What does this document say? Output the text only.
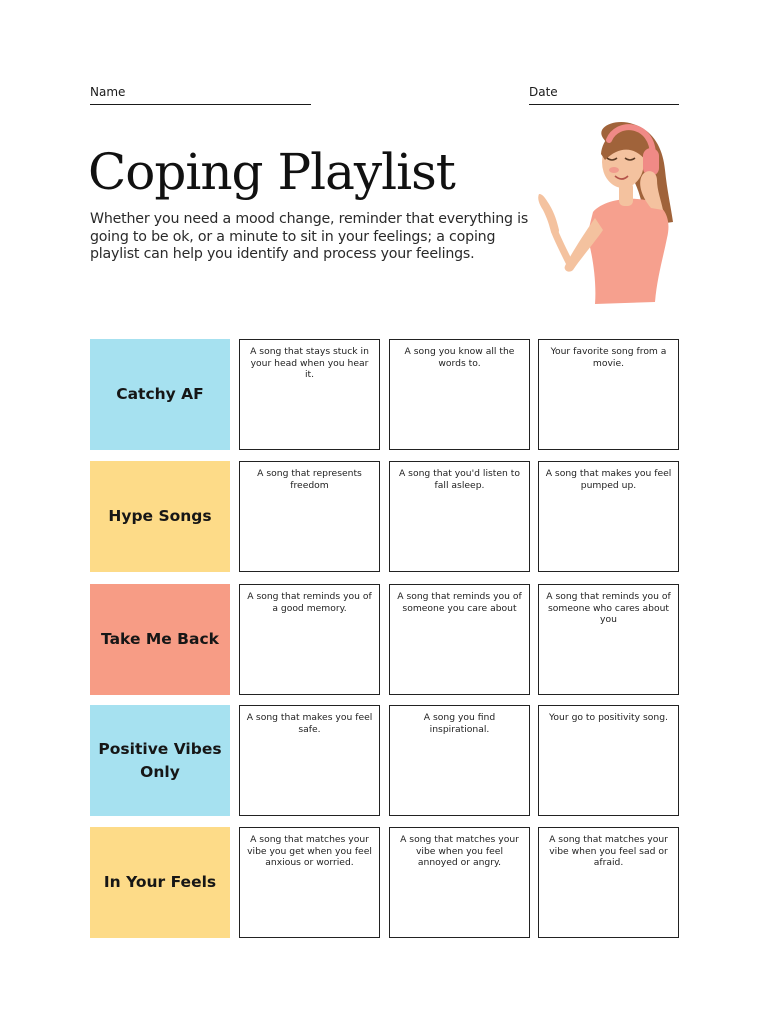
Name	Date
Coping Playlist

Whether you need a mood change, reminder that everything is going to be ok, or a minute to sit in your feelings; a coping playlist can help you identify and process your feelings.

Catchy AF
A song that stays stuck in your head when you hear it.
A song you know all the words to.
Your favorite song from a movie.
Hype Songs
A song that represents freedom
A song that you'd listen to fall asleep.
A song that makes you feel pumped up.
Take Me Back
A song that reminds you of a good memory.
A song that reminds you of someone you care about
A song that reminds you of someone who cares about you
Positive Vibes Only
A song that makes you feel safe.
A song you find inspirational.
Your go to positivity song.
In Your Feels
A song that matches your vibe you get when you feel anxious or worried.
A song that matches your vibe when you feel annoyed or angry.
A song that matches your vibe when you feel sad or afraid.
